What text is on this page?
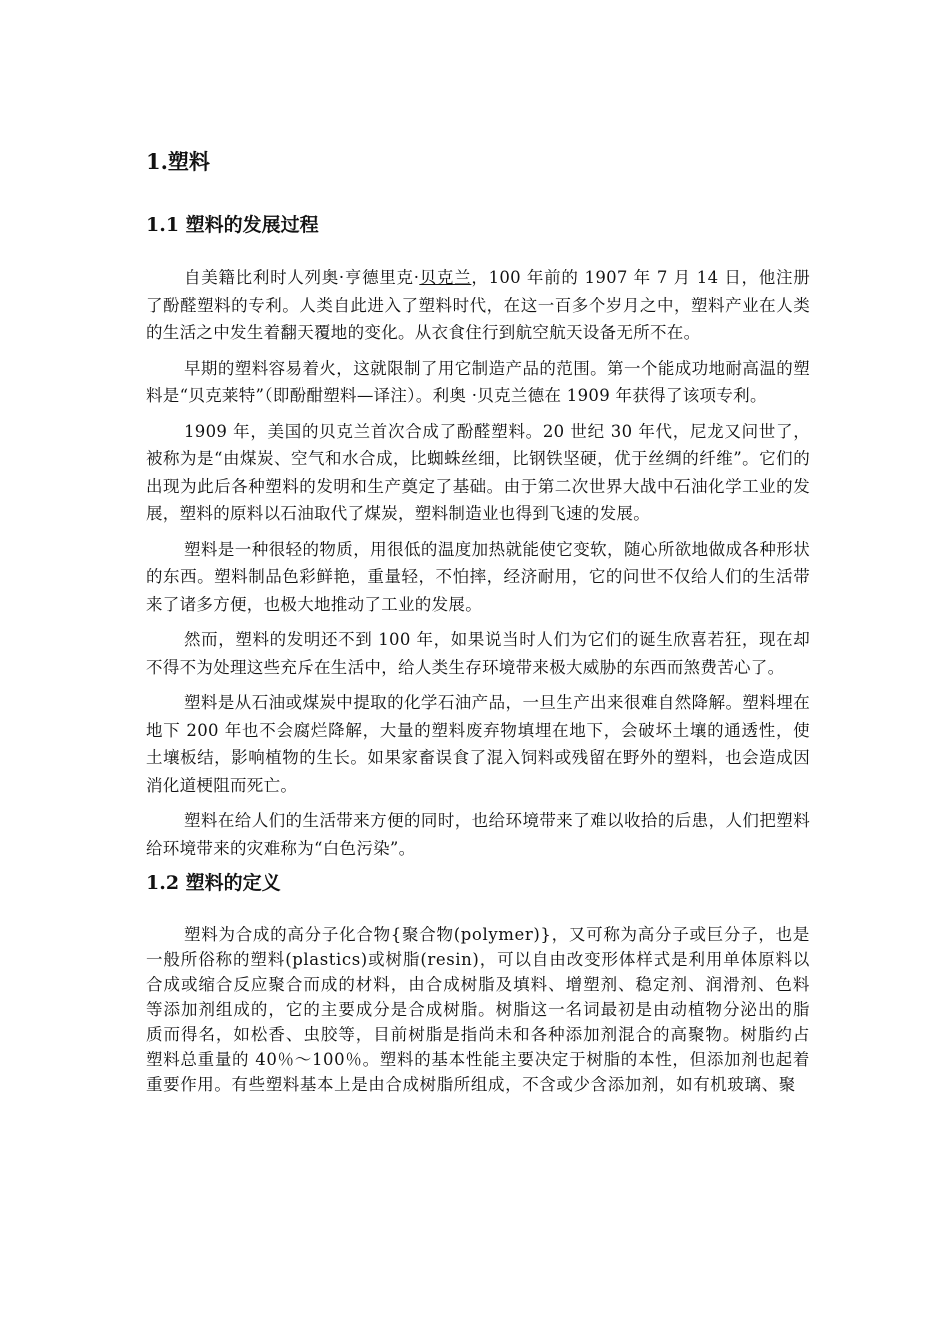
1.塑料
1.1 塑料的发展过程

自美籍比利时人列奥·亨德里克·贝克兰，100 年前的 1907 年 7 月 14 日，他注册了酚醛塑料的专利。人类自此进入了塑料时代，在这一百多个岁月之中，塑料产业在人类的生活之中发生着翻天覆地的变化。从衣食住行到航空航天设备无所不在。

早期的塑料容易着火，这就限制了用它制造产品的范围。第一个能成功地耐高温的塑料是“贝克莱特”（即酚酣塑料—译注）。利奥 ·贝克兰德在 1909 年获得了该项专利。

1909 年，美国的贝克兰首次合成了酚醛塑料。20 世纪 30 年代，尼龙又问世了，被称为是“由煤炭、空气和水合成，比蜘蛛丝细，比钢铁坚硬，优于丝绸的纤维”。它们的出现为此后各种塑料的发明和生产奠定了基础。由于第二次世界大战中石油化学工业的发展，塑料的原料以石油取代了煤炭，塑料制造业也得到飞速的发展。

塑料是一种很轻的物质，用很低的温度加热就能使它变软，随心所欲地做成各种形状的东西。塑料制品色彩鲜艳，重量轻，不怕摔，经济耐用，它的问世不仅给人们的生活带来了诸多方便，也极大地推动了工业的发展。

然而，塑料的发明还不到 100 年，如果说当时人们为它们的诞生欣喜若狂，现在却不得不为处理这些充斥在生活中，给人类生存环境带来极大威胁的东西而煞费苦心了。

塑料是从石油或煤炭中提取的化学石油产品，一旦生产出来很难自然降解。塑料埋在地下 200 年也不会腐烂降解，大量的塑料废弃物填埋在地下，会破坏土壤的通透性，使土壤板结，影响植物的生长。如果家畜误食了混入饲料或残留在野外的塑料，也会造成因消化道梗阻而死亡。

塑料在给人们的生活带来方便的同时，也给环境带来了难以收拾的后患，人们把塑料给环境带来的灾难称为“白色污染”。

1.2 塑料的定义

塑料为合成的高分子化合物{聚合物(polymer)}，又可称为高分子或巨分子，也是一般所俗称的塑料(plastics)或树脂(resin)，可以自由改变形体样式是利用单体原料以合成或缩合反应聚合而成的材料，由合成树脂及填料、增塑剂、稳定剂、润滑剂、色料等添加剂组成的，它的主要成分是合成树脂。树脂这一名词最初是由动植物分泌出的脂质而得名，如松香、虫胶等，目前树脂是指尚未和各种添加剂混合的高聚物。树脂约占塑料总重量的 40％～100％。塑料的基本性能主要决定于树脂的本性，但添加剂也起着重要作用。有些塑料基本上是由合成树脂所组成，不含或少含添加剂，如有机玻璃、聚
